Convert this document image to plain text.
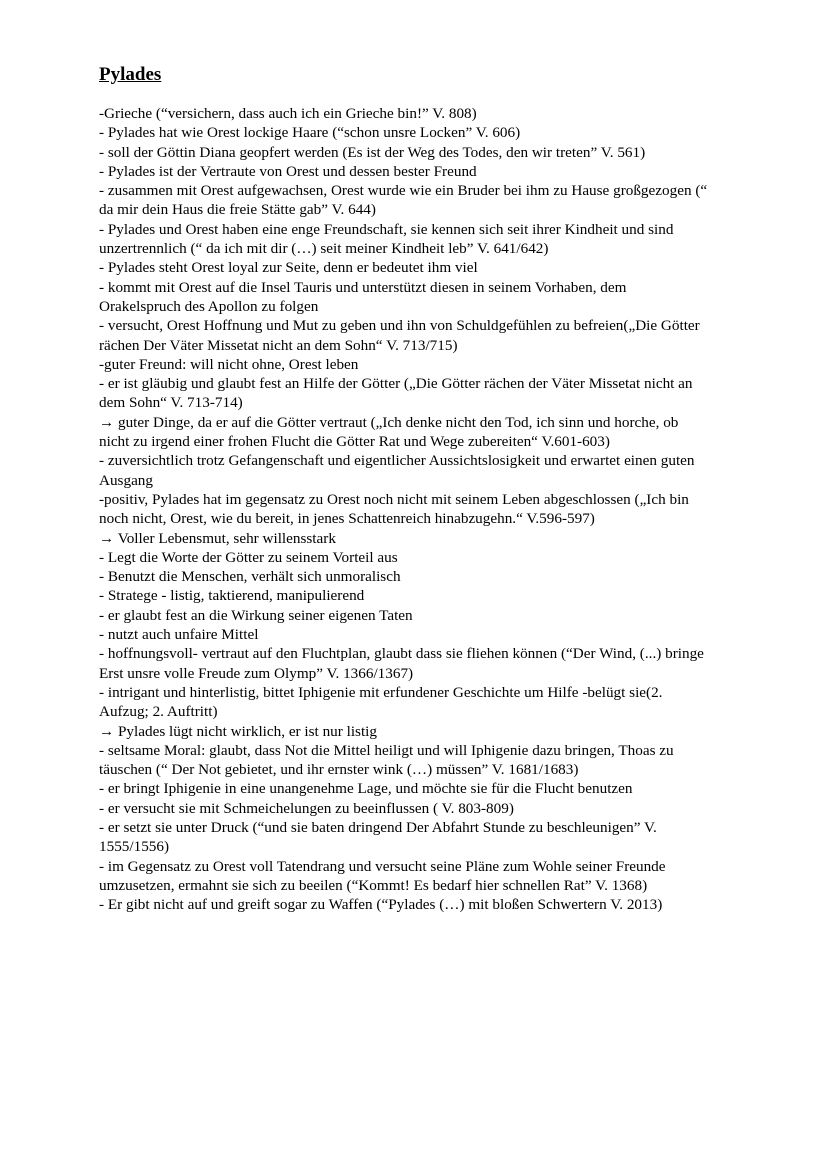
Pylades
-Grieche (“versichern, dass auch ich ein Grieche bin!” V. 808)
- Pylades hat wie Orest lockige Haare (“schon unsre Locken” V. 606)
- soll der Göttin Diana geopfert werden (Es ist der Weg des Todes, den wir treten” V. 561)
- Pylades ist der Vertraute von Orest und dessen bester Freund
- zusammen mit Orest aufgewachsen, Orest wurde wie ein Bruder bei ihm zu Hause großgezogen (“
da mir dein Haus die freie Stätte gab” V. 644)
- Pylades und Orest haben eine enge Freundschaft, sie kennen sich seit ihrer Kindheit und sind
unzertrennlich (“ da ich mit dir (…) seit meiner Kindheit leb” V. 641/642)
- Pylades steht Orest loyal zur Seite, denn er bedeutet ihm viel
- kommt mit Orest auf die Insel Tauris und unterstützt diesen in seinem Vorhaben, dem
Orakelspruch des Apollon zu folgen
- versucht, Orest Hoffnung und Mut zu geben und ihn von Schuldgefühlen zu befreien(„Die Götter
rächen Der Väter Missetat nicht an dem Sohn“ V. 713/715)
-guter Freund: will nicht ohne, Orest leben
- er ist gläubig und glaubt fest an Hilfe der Götter („Die Götter rächen der Väter Missetat nicht an
dem Sohn“ V. 713-714)
→ guter Dinge, da er auf die Götter vertraut („Ich denke nicht den Tod, ich sinn und horche, ob
nicht zu irgend einer frohen Flucht die Götter Rat und Wege zubereiten“ V.601-603)
- zuversichtlich trotz Gefangenschaft und eigentlicher Aussichtslosigkeit und erwartet einen guten
Ausgang
-positiv, Pylades hat im gegensatz zu Orest noch nicht mit seinem Leben abgeschlossen („Ich bin
noch nicht, Orest, wie du bereit, in jenes Schattenreich hinabzugehn.“ V.596-597)
→ Voller Lebensmut, sehr willensstark
- Legt die Worte der Götter zu seinem Vorteil aus
- Benutzt die Menschen, verhält sich unmoralisch
- Stratege - listig, taktierend, manipulierend
- er glaubt fest an die Wirkung seiner eigenen Taten
- nutzt auch unfaire Mittel
- hoffnungsvoll- vertraut auf den Fluchtplan, glaubt dass sie fliehen können (“Der Wind, (...) bringe
Erst unsre volle Freude zum Olymp” V. 1366/1367)
- intrigant und hinterlistig, bittet Iphigenie mit erfundener Geschichte um Hilfe -belügt sie(2.
Aufzug; 2. Auftritt)
→ Pylades lügt nicht wirklich, er ist nur listig
- seltsame Moral: glaubt, dass Not die Mittel heiligt und will Iphigenie dazu bringen, Thoas zu
täuschen (“ Der Not gebietet, und ihr ernster wink (…) müssen” V. 1681/1683)
- er bringt Iphigenie in eine unangenehme Lage, und möchte sie für die Flucht benutzen
- er versucht sie mit Schmeichelungen zu beeinflussen ( V. 803-809)
- er setzt sie unter Druck (“und sie baten dringend Der Abfahrt Stunde zu beschleunigen” V.
1555/1556)
- im Gegensatz zu Orest voll Tatendrang und versucht seine Pläne zum Wohle seiner Freunde
umzusetzen, ermahnt sie sich zu beeilen (“Kommt! Es bedarf hier schnellen Rat” V. 1368)
- Er gibt nicht auf und greift sogar zu Waffen (“Pylades (…) mit bloßen Schwertern V. 2013)
